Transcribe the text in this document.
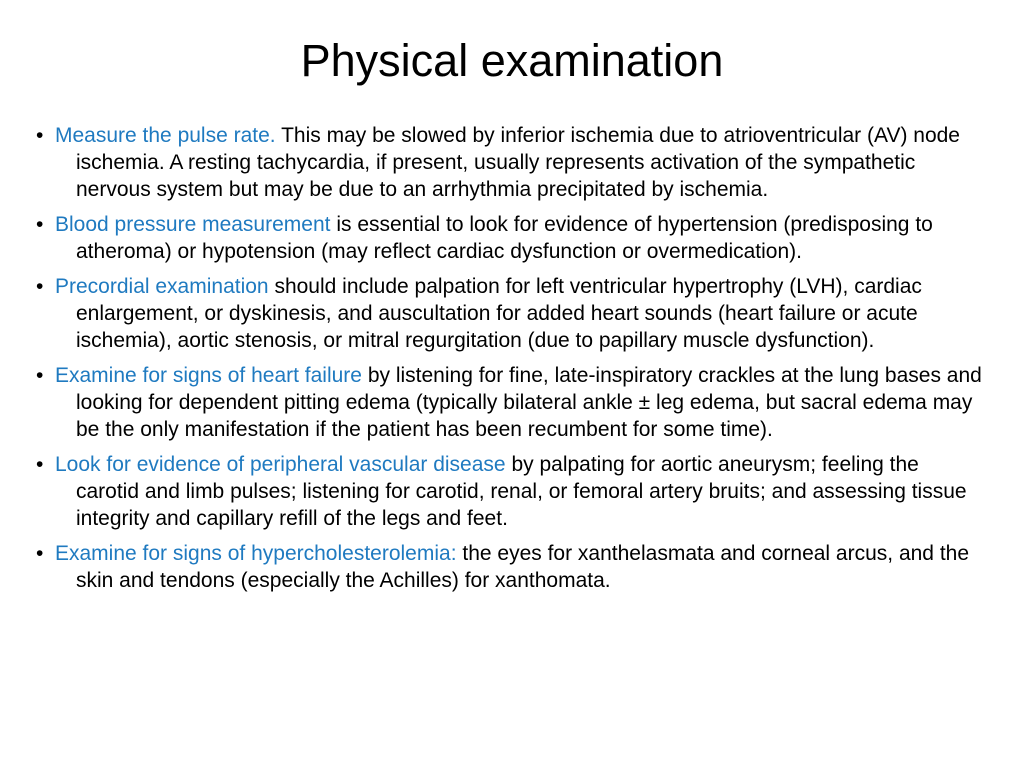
Physical examination
• Measure the pulse rate. This may be slowed by inferior ischemia due to atrioventricular (AV) node ischemia. A resting tachycardia, if present, usually represents activation of the sympathetic nervous system but may be due to an arrhythmia precipitated by ischemia.
• Blood pressure measurement is essential to look for evidence of hypertension (predisposing to atheroma) or hypotension (may reflect cardiac dysfunction or overmedication).
• Precordial examination should include palpation for left ventricular hypertrophy (LVH), cardiac enlargement, or dyskinesis, and auscultation for added heart sounds (heart failure or acute ischemia), aortic stenosis, or mitral regurgitation (due to papillary muscle dysfunction).
• Examine for signs of heart failure by listening for fine, late-inspiratory crackles at the lung bases and looking for dependent pitting edema (typically bilateral ankle ± leg edema, but sacral edema may be the only manifestation if the patient has been recumbent for some time).
• Look for evidence of peripheral vascular disease by palpating for aortic aneurysm; feeling the carotid and limb pulses; listening for carotid, renal, or femoral artery bruits; and assessing tissue integrity and capillary refill of the legs and feet.
• Examine for signs of hypercholesterolemia: the eyes for xanthelasmata and corneal arcus, and the skin and tendons (especially the Achilles) for xanthomata.
